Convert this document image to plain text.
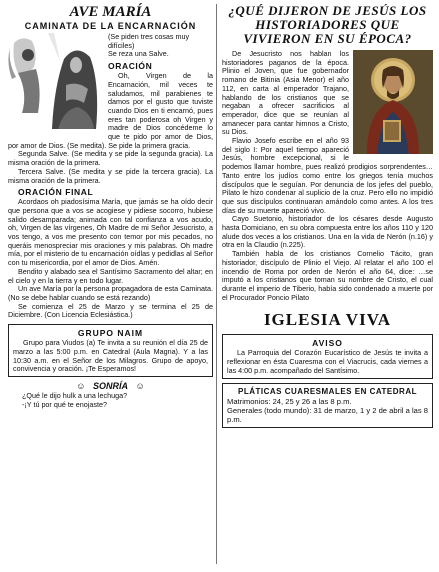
AVE MARÍA
CAMINATA DE LA ENCARNACIÓN

(Se piden tres cosas muy difíciles)

Se reza una Salve.

ORACIÓN

Oh, Virgen de la Encarnación, mil veces te saludamos, mil parabienes te damos por el gusto que tuviste cuando Dios en ti encarnó, pues eres tan poderosa oh Virgen y madre de Dios concédeme lo que te pido por amor de Dios, por amor de Dios. (Se medita). Se pide la primera gracia.

Segunda Salve. (Se medita y se pide la segunda gracia). La misma oración de la primera.

Tercera Salve. (Se medita y se pide la tercera gracia). La misma oración de la primera.

ORACIÓN FINAL

Acordaos oh piadosísima María, que jamás se ha oído decir que persona que a vos se acogiese y pidiese socorro, hubiese salido desamparada; animada con tal confianza a vos acudo, oh, Virgen de las vírgenes, Oh Madre de mi Señor Jesucristo, a vos tengo, a vos me presento con temor por mis pecados, no queráis menospreciar mis oraciones y mis palabras. Oh madre mía, por el misterio de tu encarnación oídlas y pedidlas al Señor con tu misericordia, por el amor de Dios. Amén.

Bendito y alabado sea el Santísimo Sacramento del altar; en el cielo y en la tierra y en todo lugar.

Un ave María por la persona propagadora de esta Caminata. (No se debe hablar cuando se está rezando)

Se comienza el 25 de Marzo y se termina el 25 de Diciembre. (Con Licencia Eclesiástica.)

GRUPO NAIM

Grupo para Viudos (a) Te invita a su reunión el día 25 de marzo a las 5:00 p.m. en Catedral (Aula Magna). Y a las 10:30 a.m. en el Señor de los Milagros. Grupo de apoyo, convivencia y oración. ¡Te Esperamos!

☺ SONRÍA ☺

¿Qué le dijo hulk a una lechuga?

-¡Y tú por qué te enojaste?

¿QUÉ DIJERON DE JESÚS LOS HISTORIADORES QUE VIVIERON EN SU ÉPOCA?

De Jesucristo nos hablan los historiadores paganos de la época. Plinio el Joven, que fue gobernador romano de Bitinia (Asia Menor) el año 112, en carta al emperador Trajano, hablando de los cristianos que se negaban a ofrecer sacrificios al emperador, dice que se reunían al amanecer para cantar himnos a Cristo, su Dios.

Flavio Josefo escribe en el año 93 del siglo I: Por aquel tiempo apareció Jesús, hombre excepcional, si le podemos llamar hombre, pues realizó prodigios sorprendentes… Tanto entre los judíos como entre los griegos tenía muchos discípulos que le seguían. Por denuncia de los jefes del pueblo, Pilato le hizo condenar al suplicio de la cruz. Pero ello no impidió que sus discípulos continuaran amándolo como antes. A los tres días de su muerte apareció vivo.

Cayo Suetonio, historiador de los césares desde Augusto hasta Domiciano, en su obra compuesta entre los años 110 y 120 alude dos veces a los cristianos. Una en la vida de Nerón (n.16) y otra en la Claudio (n.225).

También habla de los cristianos Cornelio Tácito, gran historiador, discípulo de Plinio el Viejo. Al relatar el año 100 el incendio de Roma por orden de Nerón el año 64, dice: …se imputó a los cristianos que toman su nombre de Cristo, el cual durante el imperio de Tiberio, había sido condenado a muerte por el Procurador Poncio Pilato

IGLESIA VIVA
AVISO

La Parroquia del Corazón Eucarístico de Jesús te invita a reflexionar en ésta Cuaresma con el Viacrucis, cada viernes a las 4:00 p.m. acompañado del Santísimo.

PLÁTICAS CUARESMALES EN CATEDRAL

Matrimonios: 24, 25 y 26 a las 8 p.m.

Generales (todo mundo): 31 de marzo, 1 y 2 de abril a las 8 p.m.
